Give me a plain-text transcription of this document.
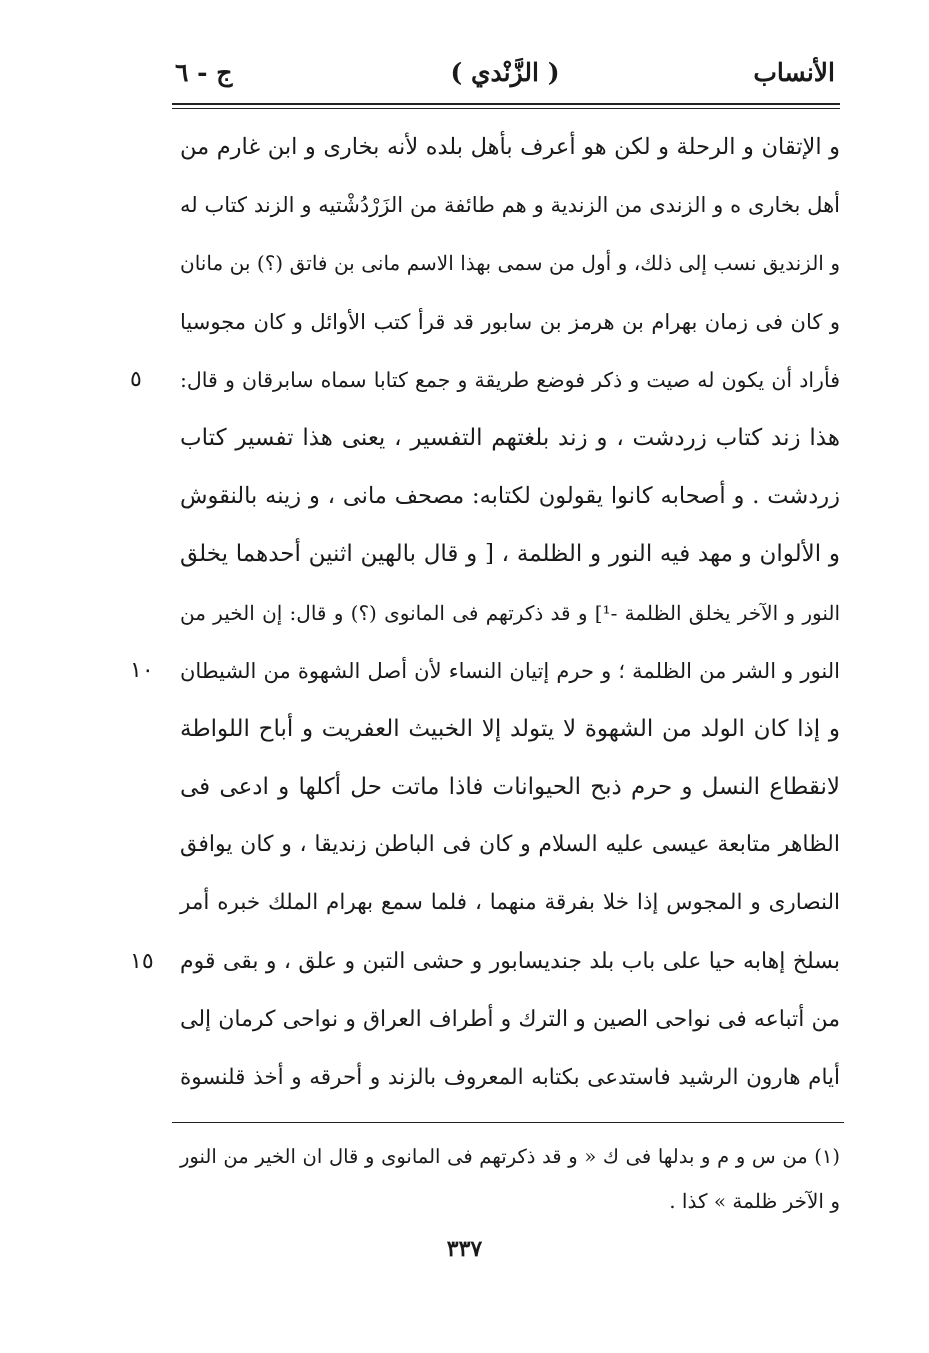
الأنساب
( الزَّنْدي )
ج - ٦
و الإتقان و الرحلة و لكن هو أعرف بأهل بلده لأنه بخارى و ابن غارم من
أهل بخارى ه و الزندى من الزندية و هم طائفة من الزَرْدُشْتيه و الزند كتاب له
و الزنديق نسب إلى ذلك، و أول من سمى بهذا الاسم مانى بن فاتق (؟) بن مانان
و كان فى زمان بهرام بن هرمز بن سابور قد قرأ كتب الأوائل و كان مجوسيا
فأراد أن يكون له صيت و ذكر فوضع طريقة و جمع كتابا سماه سابرقان و قال:
٥
هذا زند كتاب زردشت ، و زند بلغتهم التفسير ، يعنى هذا تفسير كتاب
زردشت . و أصحابه كانوا يقولون لكتابه: مصحف مانى ، و زينه بالنقوش
و الألوان و مهد فيه النور و الظلمة ، [ و قال بالهين اثنين أحدهما يخلق
النور و الآخر يخلق الظلمة -¹] و قد ذكرتهم فى المانوى (؟) و قال: إن الخير من
النور و الشر من الظلمة ؛ و حرم إتيان النساء لأن أصل الشهوة من الشيطان
١٠
و إذا كان الولد من الشهوة لا يتولد إلا الخبيث العفريت و أباح اللواطة
لانقطاع النسل و حرم ذبح الحيوانات فاذا ماتت حل أكلها و ادعى فى
الظاهر متابعة عيسى عليه السلام و كان فى الباطن زنديقا ، و كان يوافق
النصارى و المجوس إذا خلا بفرقة منهما ، فلما سمع بهرام الملك خبره أمر
بسلخ إهابه حيا على باب بلد جنديسابور و حشى التبن و علق ، و بقى قوم
١٥
من أتباعه فى نواحى الصين و الترك و أطراف العراق و نواحى كرمان إلى
أيام هارون الرشيد فاستدعى بكتابه المعروف بالزند و أحرقه و أخذ قلنسوة
(١) من س و م و بدلها فى ك « و قد ذكرتهم فى المانوى و قال ان الخير من النور
و الآخر ظلمة » كذا .
٣٣٧
